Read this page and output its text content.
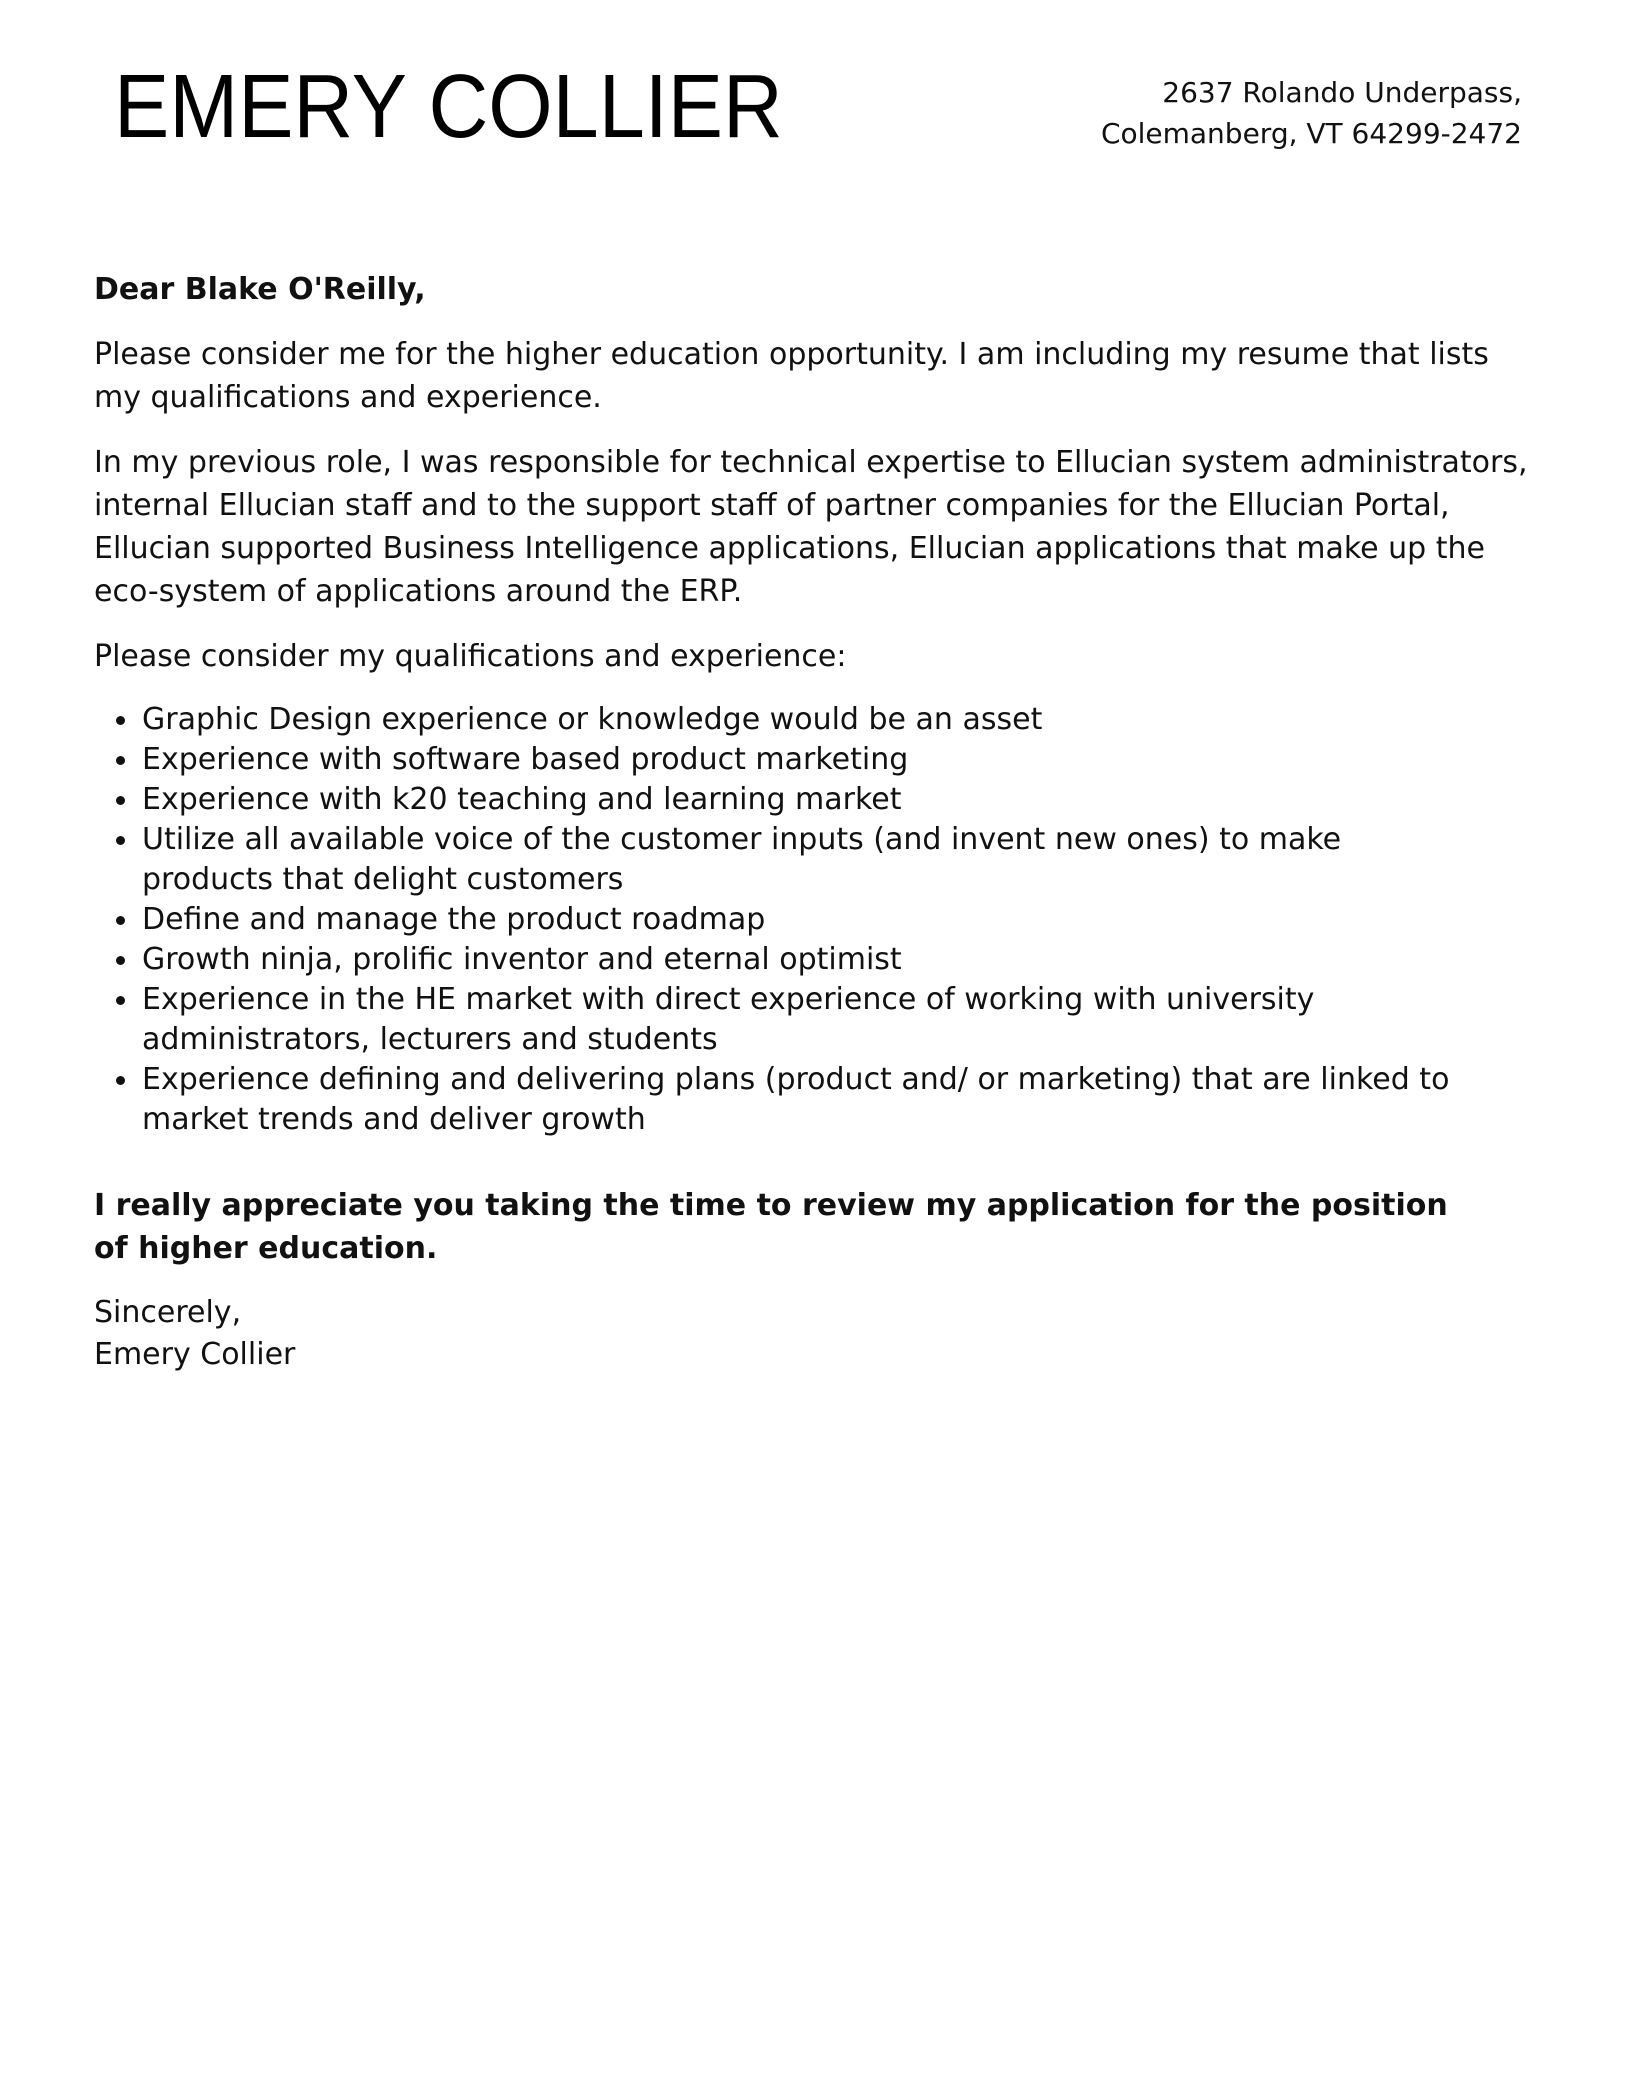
EMERY COLLIER	2637 Rolando Underpass,
Colemanberg, VT 64299-2472
Dear Blake O'Reilly,

Please consider me for the higher education opportunity. I am including my resume that lists my qualifications and experience.

In my previous role, I was responsible for technical expertise to Ellucian system administrators, internal Ellucian staff and to the support staff of partner companies for the Ellucian Portal, Ellucian supported Business Intelligence applications, Ellucian applications that make up the eco-system of applications around the ERP.

Please consider my qualifications and experience:

Graphic Design experience or knowledge would be an asset
Experience with software based product marketing
Experience with k20 teaching and learning market
Utilize all available voice of the customer inputs (and invent new ones) to make products that delight customers
Define and manage the product roadmap
Growth ninja, prolific inventor and eternal optimist
Experience in the HE market with direct experience of working with university administrators, lecturers and students
Experience defining and delivering plans (product and/ or marketing) that are linked to market trends and deliver growth
I really appreciate you taking the time to review my application for the position of higher education.
Sincerely,
Emery Collier
